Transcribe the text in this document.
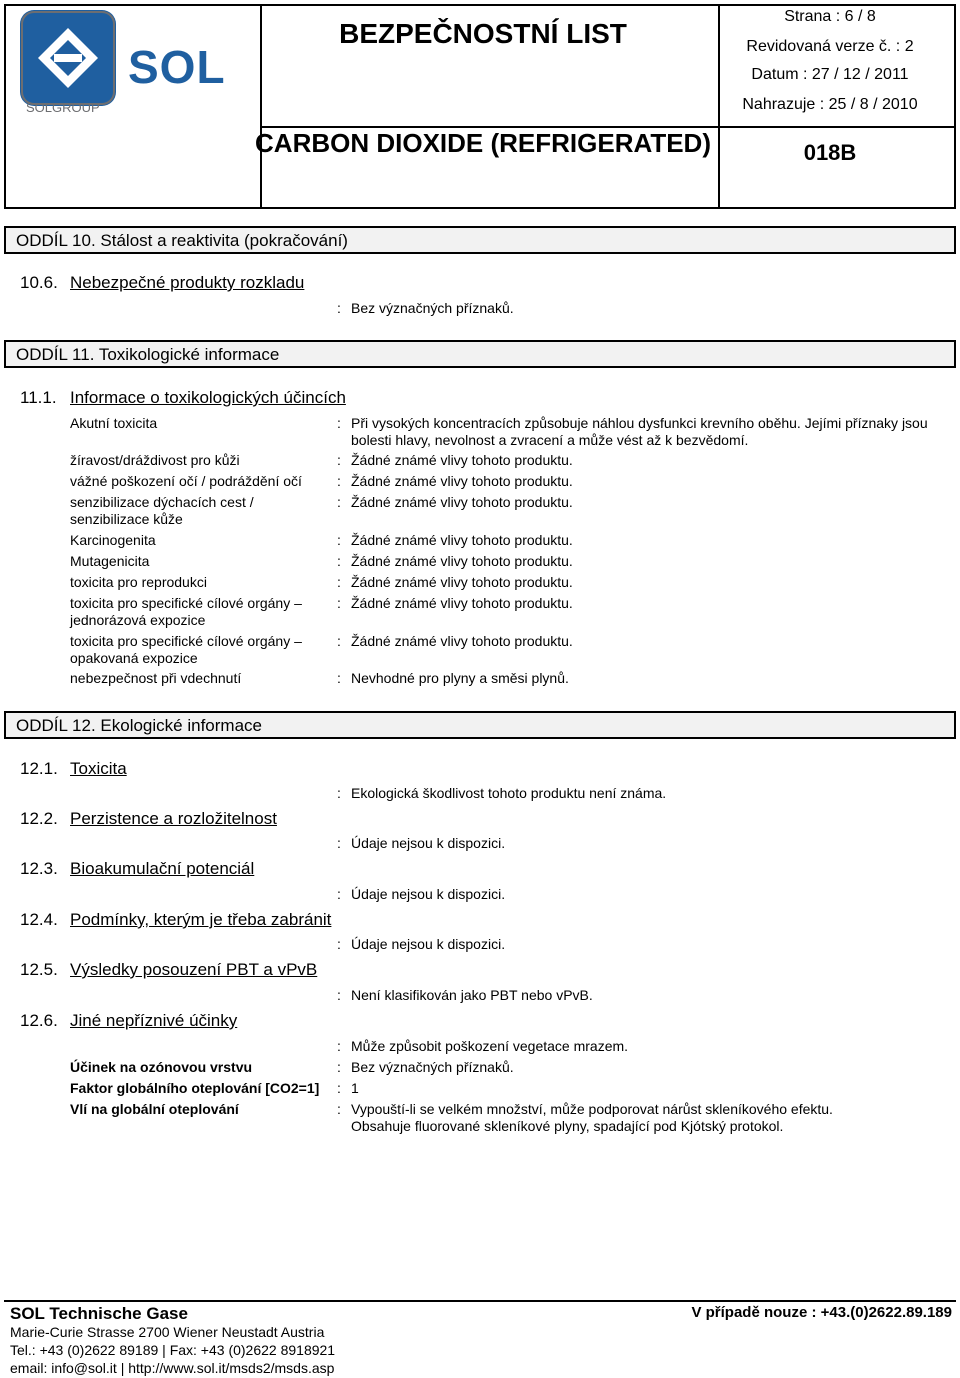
SOL
SOLGROUP
BEZPEČNOSTNÍ LIST
Strana : 6 / 8
Revidovaná verze č. : 2
Datum : 27 / 12 / 2011
Nahrazuje : 25 / 8 / 2010
CARBON DIOXIDE (REFRIGERATED)	018B
ODDÍL 10. Stálost a reaktivita (pokračování)
10.6. Nebezpečné produkty rozkladu
: Bez význačných příznaků.
ODDÍL 11. Toxikologické informace
11.1. Informace o toxikologických účincích
Akutní toxicita	: Při vysokých koncentracích způsobuje náhlou dysfunkci krevního oběhu. Jejími příznaky jsou bolesti hlavy, nevolnost a zvracení a může vést až k bezvědomí.
žíravost/dráždivost pro kůži	: Žádné známé vlivy tohoto produktu.
vážné poškození očí / podráždění očí	: Žádné známé vlivy tohoto produktu.
senzibilizace dýchacích cest / senzibilizace kůže
: Žádné známé vlivy tohoto produktu.
Karcinogenita	: Žádné známé vlivy tohoto produktu.
Mutagenicita	: Žádné známé vlivy tohoto produktu.
toxicita pro reprodukci	: Žádné známé vlivy tohoto produktu.
toxicita pro specifické cílové orgány – jednorázová expozice
: Žádné známé vlivy tohoto produktu.
toxicita pro specifické cílové orgány – opakovaná expozice
: Žádné známé vlivy tohoto produktu.
nebezpečnost při vdechnutí	: Nevhodné pro plyny a směsi plynů.
ODDÍL 12. Ekologické informace
12.1. Toxicita
: Ekologická škodlivost tohoto produktu není známa.
12.2. Perzistence a rozložitelnost
: Údaje nejsou k dispozici.
12.3. Bioakumulační potenciál
: Údaje nejsou k dispozici.
12.4. Podmínky, kterým je třeba zabránit
: Údaje nejsou k dispozici.
12.5. Výsledky posouzení PBT a vPvB
: Není klasifikován jako PBT nebo vPvB.
12.6. Jiné nepříznivé účinky
: Může způsobit poškození vegetace mrazem.
Účinek na ozónovou vrstvu	: Bez význačných příznaků.
Faktor globálního oteplování [CO2=1]	: 1
Vlí na globální oteplování	: Vypouští-li se velkém množství, může podporovat nárůst skleníkového efektu. Obsahuje fluorované skleníkové plyny, spadající pod Kjótský protokol.
SOL Technische Gase	V případě nouze : +43.(0)2622.89.189
Marie-Curie Strasse 2700 Wiener Neustadt Austria
Tel.: +43 (0)2622 89189 | Fax: +43 (0)2622 8918921
email: info@sol.it | http://www.sol.it/msds2/msds.asp
